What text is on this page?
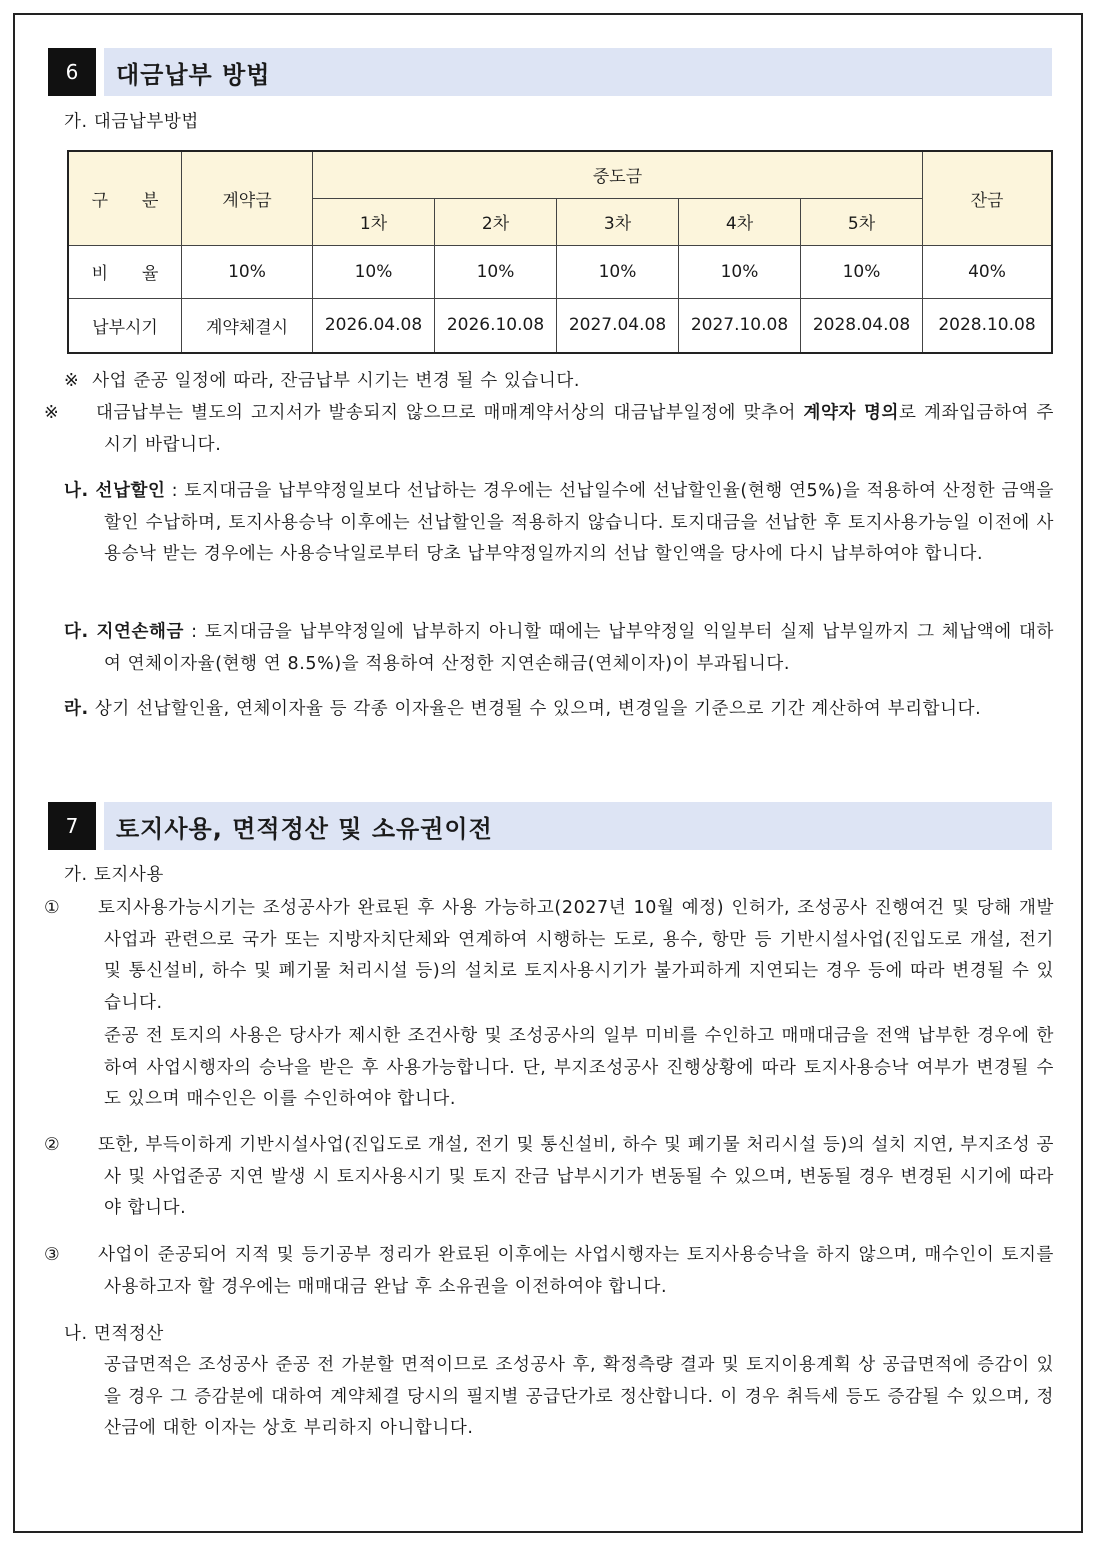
6	대금납부 방법
가. 대금납부방법
구　　분	계약금	중도금					잔금
		1차	2차	3차	4차	5차	
비　　율	10%	10%	10%	10%	10%	10%	40%
납부시기	계약체결시	2026.04.08	2026.10.08	2027.04.08	2027.10.08	2028.04.08	2028.10.08
※ 사업 준공 일정에 따라, 잔금납부 시기는 변경 될 수 있습니다.
※ 대금납부는 별도의 고지서가 발송되지 않으므로 매매계약서상의 대금납부일정에 맞추어 계약자 명의로 계좌입금하여 주시기 바랍니다.
나. 선납할인 : 토지대금을 납부약정일보다 선납하는 경우에는 선납일수에 선납할인율(현행 연5%)을 적용하여 산정한 금액을 할인 수납하며, 토지사용승낙 이후에는 선납할인을 적용하지 않습니다. 토지대금을 선납한 후 토지사용가능일 이전에 사용승낙 받는 경우에는 사용승낙일로부터 당초 납부약정일까지의 선납 할인액을 당사에 다시 납부하여야 합니다.
다. 지연손해금 : 토지대금을 납부약정일에 납부하지 아니할 때에는 납부약정일 익일부터 실제 납부일까지 그 체납액에 대하여 연체이자율(현행 연 8.5%)을 적용하여 산정한 지연손해금(연체이자)이 부과됩니다.
라. 상기 선납할인율, 연체이자율 등 각종 이자율은 변경될 수 있으며, 변경일을 기준으로 기간 계산하여 부리합니다.
7	토지사용, 면적정산 및 소유권이전
가. 토지사용
① 토지사용가능시기는 조성공사가 완료된 후 사용 가능하고(2027년 10월 예정) 인허가, 조성공사 진행여건 및 당해 개발사업과 관련으로 국가 또는 지방자치단체와 연계하여 시행하는 도로, 용수, 항만 등 기반시설사업(진입도로 개설, 전기 및 통신설비, 하수 및 폐기물 처리시설 등)의 설치로 토지사용시기가 불가피하게 지연되는 경우 등에 따라 변경될 수 있습니다.
준공 전 토지의 사용은 당사가 제시한 조건사항 및 조성공사의 일부 미비를 수인하고 매매대금을 전액 납부한 경우에 한하여 사업시행자의 승낙을 받은 후 사용가능합니다. 단, 부지조성공사 진행상황에 따라 토지사용승낙 여부가 변경될 수도 있으며 매수인은 이를 수인하여야 합니다.
② 또한, 부득이하게 기반시설사업(진입도로 개설, 전기 및 통신설비, 하수 및 폐기물 처리시설 등)의 설치 지연, 부지조성 공사 및 사업준공 지연 발생 시 토지사용시기 및 토지 잔금 납부시기가 변동될 수 있으며, 변동될 경우 변경된 시기에 따라야 합니다.
③ 사업이 준공되어 지적 및 등기공부 정리가 완료된 이후에는 사업시행자는 토지사용승낙을 하지 않으며, 매수인이 토지를 사용하고자 할 경우에는 매매대금 완납 후 소유권을 이전하여야 합니다.
나. 면적정산
공급면적은 조성공사 준공 전 가분할 면적이므로 조성공사 후, 확정측량 결과 및 토지이용계획 상 공급면적에 증감이 있을 경우 그 증감분에 대하여 계약체결 당시의 필지별 공급단가로 정산합니다. 이 경우 취득세 등도 증감될 수 있으며, 정산금에 대한 이자는 상호 부리하지 아니합니다.
